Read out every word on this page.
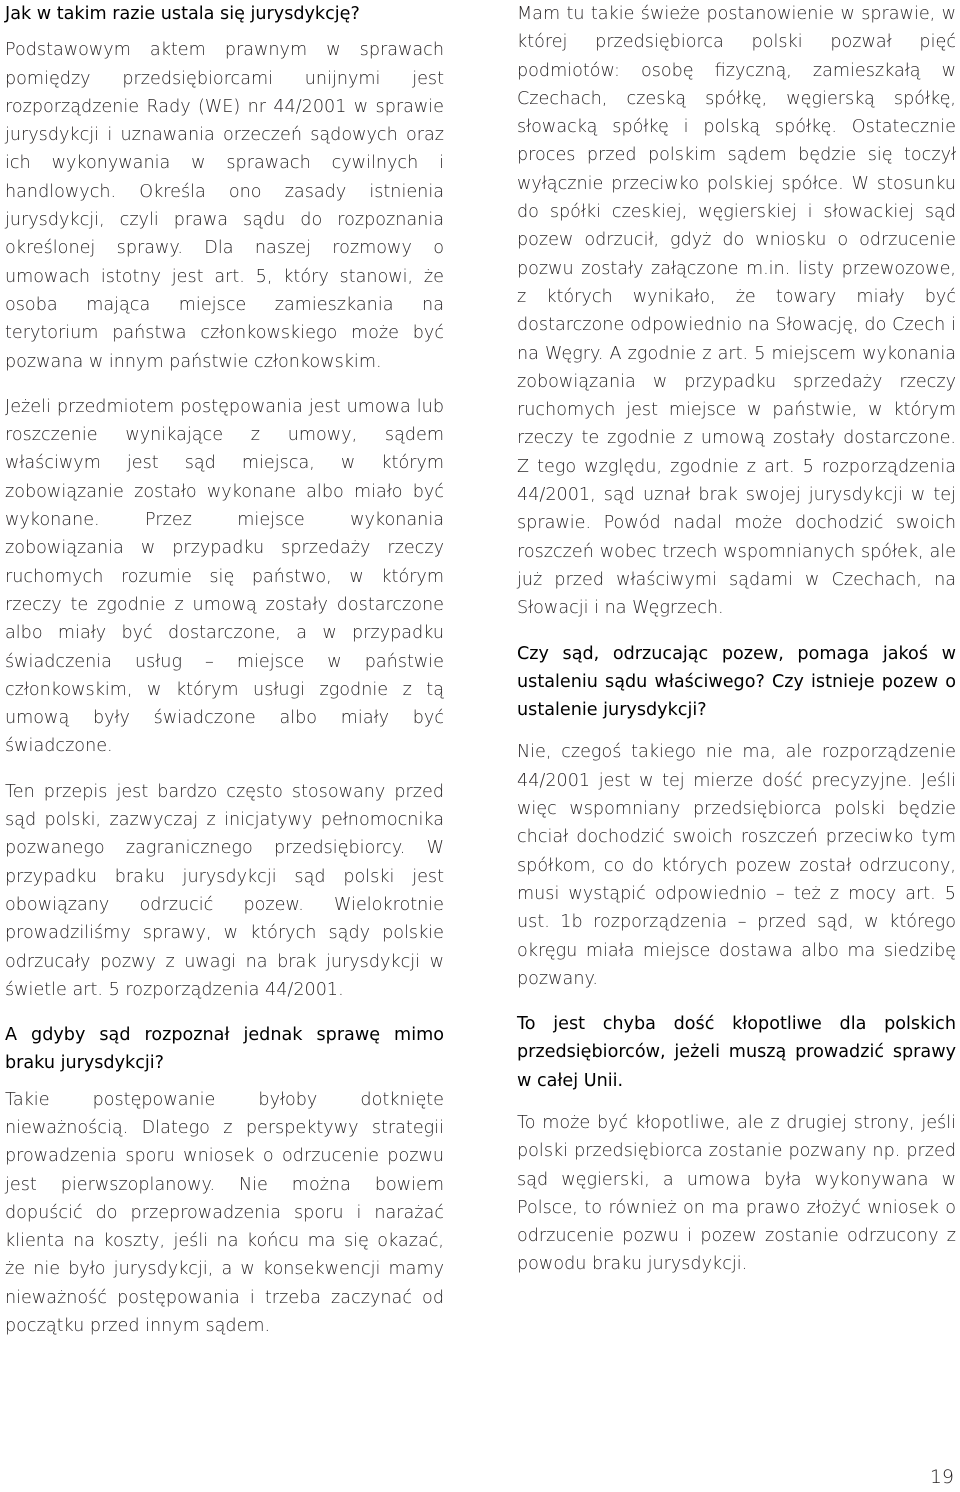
Jak w takim razie ustala się jurysdykcję?

Podstawowym aktem prawnym w sprawach pomiędzy przedsiębiorcami unijnymi jest rozporządzenie Rady (WE) nr 44/2001 w sprawie jurysdykcji i uznawania orzeczeń sądowych oraz ich wykonywania w sprawach cywilnych i handlowych. Określa ono zasady istnienia jurysdykcji, czyli prawa sądu do rozpoznania określonej sprawy. Dla naszej rozmowy o umowach istotny jest art. 5, który stanowi, że osoba mająca miejsce zamieszkania na terytorium państwa członkowskiego może być pozwana w innym państwie członkowskim.

Jeżeli przedmiotem postępowania jest umowa lub roszczenie wynikające z umowy, sądem właściwym jest sąd miejsca, w którym zobowiązanie zostało wykonane albo miało być wykonane. Przez miejsce wykonania zobowiązania w przypadku sprzedaży rzeczy ruchomych rozumie się państwo, w którym rzeczy te zgodnie z umową zostały dostarczone albo miały być dostarczone, a w przypadku świadczenia usług – miejsce w państwie członkowskim, w którym usługi zgodnie z tą umową były świadczone albo miały być świadczone.

Ten przepis jest bardzo często stosowany przed sąd polski, zazwyczaj z inicjatywy pełnomocnika pozwanego zagranicznego przedsiębiorcy. W przypadku braku jurysdykcji sąd polski jest obowiązany odrzucić pozew. Wielokrotnie prowadziliśmy sprawy, w których sądy polskie odrzucały pozwy z uwagi na brak jurysdykcji w świetle art. 5 rozporządzenia 44/2001.

A gdyby sąd rozpoznał jednak sprawę mimo braku jurysdykcji?

Takie postępowanie byłoby dotknięte nieważnością. Dlatego z perspektywy strategii prowadzenia sporu wniosek o odrzucenie pozwu jest pierwszoplanowy. Nie można bowiem dopuścić do przeprowadzenia sporu i narażać klienta na koszty, jeśli na końcu ma się okazać, że nie było jurysdykcji, a w konsekwencji mamy nieważność postępowania i trzeba zaczynać od początku przed innym sądem.

Mam tu takie świeże postanowienie w sprawie, w której przedsiębiorca polski pozwał pięć podmiotów: osobę fizyczną, zamieszkałą w Czechach, czeską spółkę, węgierską spółkę, słowacką spółkę i polską spółkę. Ostatecznie proces przed polskim sądem będzie się toczył wyłącznie przeciwko polskiej spółce. W stosunku do spółki czeskiej, węgierskiej i słowackiej sąd pozew odrzucił, gdyż do wniosku o odrzucenie pozwu zostały załączone m.in. listy przewozowe, z których wynikało, że towary miały być dostarczone odpowiednio na Słowację, do Czech i na Węgry. A zgodnie z art. 5 miejscem wykonania zobowiązania w przypadku sprzedaży rzeczy ruchomych jest miejsce w państwie, w którym rzeczy te zgodnie z umową zostały dostarczone. Z tego względu, zgodnie z art. 5 rozporządzenia 44/2001, sąd uznał brak swojej jurysdykcji w tej sprawie. Powód nadal może dochodzić swoich roszczeń wobec trzech wspomnianych spółek, ale już przed właściwymi sądami w Czechach, na Słowacji i na Węgrzech.

Czy sąd, odrzucając pozew, pomaga jakoś w ustaleniu sądu właściwego? Czy istnieje pozew o ustalenie jurysdykcji?

Nie, czegoś takiego nie ma, ale rozporządzenie 44/2001 jest w tej mierze dość precyzyjne. Jeśli więc wspomniany przedsiębiorca polski będzie chciał dochodzić swoich roszczeń przeciwko tym spółkom, co do których pozew został odrzucony, musi wystąpić odpowiednio – też z mocy art. 5 ust. 1b rozporządzenia – przed sąd, w którego okręgu miała miejsce dostawa albo ma siedzibę pozwany.

To jest chyba dość kłopotliwe dla polskich przedsiębiorców, jeżeli muszą prowadzić sprawy w całej Unii.

To może być kłopotliwe, ale z drugiej strony, jeśli polski przedsiębiorca zostanie pozwany np. przed sąd węgierski, a umowa była wykonywana w Polsce, to również on ma prawo złożyć wniosek o odrzucenie pozwu i pozew zostanie odrzucony z powodu braku jurysdykcji.

19
